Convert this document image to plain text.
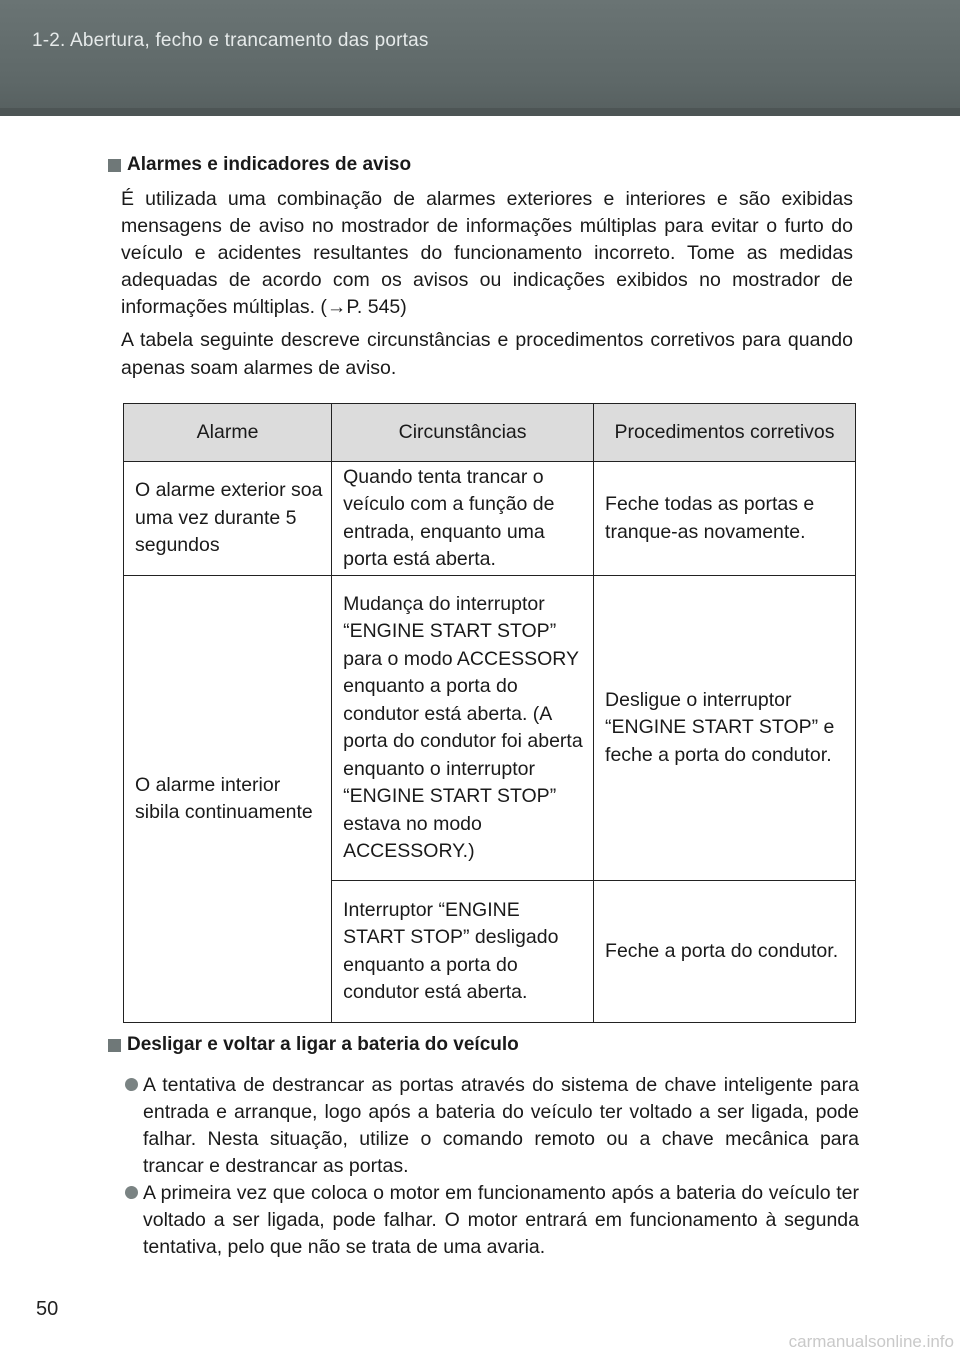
1-2. Abertura, fecho e trancamento das portas
Alarmes e indicadores de aviso
É utilizada uma combinação de alarmes exteriores e interiores e são exibidas mensagens de aviso no mostrador de informações múltiplas para evitar o furto do veículo e acidentes resultantes do funcionamento incorreto. Tome as medidas adequadas de acordo com os avisos ou indicações exibidos no mostrador de informações múltiplas. (→P. 545)
A tabela seguinte descreve circunstâncias e procedimentos corretivos para quando apenas soam alarmes de aviso.
Alarme	Circunstâncias	Procedimentos corretivos
O alarme exterior soa uma vez durante 5 segundos	Quando tenta trancar o veículo com a função de entrada, enquanto uma porta está aberta.	Feche todas as portas e tranque-as novamente.
O alarme interior sibila continuamente	Mudança do interruptor “ENGINE START STOP” para o modo ACCESSORY enquanto a porta do condutor está aberta. (A porta do condutor foi aberta enquanto o interruptor “ENGINE START STOP” estava no modo ACCESSORY.)	Desligue o interruptor “ENGINE START STOP” e feche a porta do condutor.
	Interruptor “ENGINE START STOP” desligado enquanto a porta do condutor está aberta.	Feche a porta do condutor.
Desligar e voltar a ligar a bateria do veículo
A tentativa de destrancar as portas através do sistema de chave inteligente para entrada e arranque, logo após a bateria do veículo ter voltado a ser ligada, pode falhar. Nesta situação, utilize o comando remoto ou a chave mecânica para trancar e destrancar as portas.
A primeira vez que coloca o motor em funcionamento após a bateria do veículo ter voltado a ser ligada, pode falhar. O motor entrará em funcionamento à segunda tentativa, pelo que não se trata de uma avaria.
50
carmanualsonline.info
